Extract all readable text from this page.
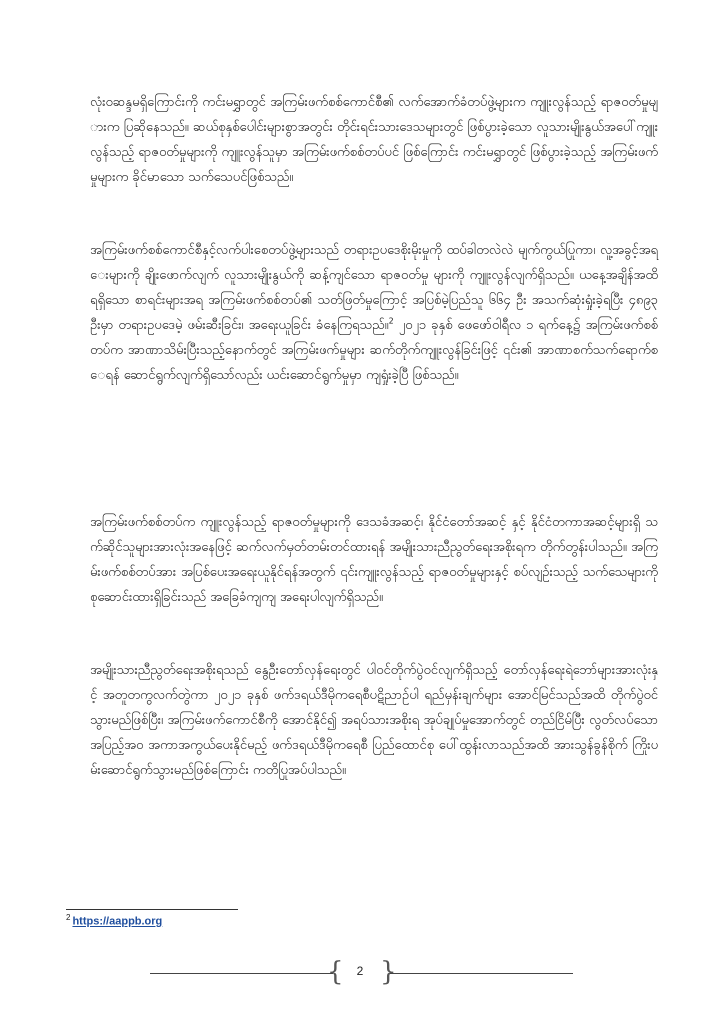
လုံးဝဆန္ဒမရှိကြောင်းကို ကင်းမရွှာတွင် အကြမ်းဖက်စစ်ကောင်စီ၏ လက်အောက်ခံတပ်ဖွဲ့များက ကျူးလွန်သည့် ရာဇဝတ်မှုများက ပြဆိုနေသည်။ ဆယ်စုနှစ်ပေါင်းများစွာအတွင်း တိုင်းရင်းသားဒေသများတွင် ဖြစ်ပွားခဲ့သော လူသားမျိုးနွယ်အပေါ်ကျူးလွန်သည့် ရာဇဝတ်မှုများကို ကျူးလွန်သူမှာ အကြမ်းဖက်စစ်တပ်ပင် ဖြစ်ကြောင်း ကင်းမရွှာတွင် ဖြစ်ပွားခဲ့သည့် အကြမ်းဖက်မှုများက ခိုင်မာသော သက်သေပင်ဖြစ်သည်။

အကြမ်းဖက်စစ်ကောင်စီနှင့်လက်ပါးစေတပ်ဖွဲ့များသည် တရားဥပဒေစိုးမိုးမှုကို ထပ်ခါတလဲလဲ မျက်ကွယ်ပြုကာ၊ လူ့အခွင့်အရေးများကို ချိုးဖောက်လျက် လူသားမျိုးနွယ်ကို ဆန့်ကျင်သော ရာဇဝတ်မှု များကို ကျူးလွန်လျက်ရှိသည်။ ယနေ့အချိန်အထိ ရရှိသော စာရင်းများအရ အကြမ်းဖက်စစ်တပ်၏ သတ်ဖြတ်မှုကြောင့် အပြစ်မဲ့ပြည်သူ ၆၆၄ ဦး အသက်ဆုံးရှုံးခဲ့ရပြီး ၄၈၉၃ ဦးမှာ တရားဥပဒေမဲ့ ဖမ်းဆီးခြင်း၊ အရေးယူခြင်း ခံနေကြရသည်။$^2$ ၂၀၂၁ ခုနှစ် ဖေဖော်ဝါရီလ ၁ ရက်နေ့၌ အကြမ်းဖက်စစ်တပ်က အာဏာသိမ်းပြီးသည့်နောက်တွင် အကြမ်းဖက်မှုများ ဆက်တိုက်ကျူးလွန်ခြင်းဖြင့် ၎င်း၏ အာဏာစက်သက်ရောက်စေရန် ဆောင်ရွက်လျက်ရှိသော်လည်း ယင်းဆောင်ရွက်မှုမှာ ကျရှုံးခဲ့ပြီ ဖြစ်သည်။

အကြမ်းဖက်စစ်တပ်က ကျူးလွန်သည့် ရာဇဝတ်မှုများကို ဒေသခံအဆင့်၊ နိုင်ငံတော်အဆင့် နှင့် နိုင်ငံတကာအဆင့်များရှိ သက်ဆိုင်သူများအားလုံးအနေဖြင့် ဆက်လက်မှတ်တမ်းတင်ထားရန် အမျိုးသားညီညွတ်ရေးအစိုးရက တိုက်တွန်းပါသည်။ အကြမ်းဖက်စစ်တပ်အား အပြစ်ပေးအရေးယူနိုင်ရန်အတွက် ၎င်းကျူးလွန်သည့် ရာဇဝတ်မှုများနှင့် စပ်လျဉ်းသည့် သက်သေများကို စုဆောင်းထားရှိခြင်းသည် အခြေခံကျကျ အရေးပါလျက်ရှိသည်။

အမျိုးသားညီညွတ်ရေးအစိုးရသည် နွေဦးတော်လှန်ရေးတွင် ပါဝင်တိုက်ပွဲဝင်လျက်ရှိသည့် တော်လှန်ရေးရဲဘော်များအားလုံးနှင့် အတူတကွလက်တွဲကာ ၂၀၂၁ ခုနှစ် ဖက်ဒရယ်ဒီမိုကရေစီပဋိညာဉ်ပါ ရည်မှန်းချက်များ အောင်မြင်သည်အထိ တိုက်ပွဲဝင်သွားမည်ဖြစ်ပြီး၊ အကြမ်းဖက်ကောင်စီကို အောင်နိုင်၍ အရပ်သားအစိုးရ အုပ်ချုပ်မှုအောက်တွင် တည်ငြိမ်ပြီး လွတ်လပ်သော အပြည့်အဝ အကာအကွယ်ပေးနိုင်မည့် ဖက်ဒရယ်ဒီမိုကရေစီ ပြည်ထောင်စု ပေါ်ထွန်းလာသည်အထိ အားသွန်ခွန်စိုက် ကြိုးပမ်းဆောင်ရွက်သွားမည်ဖြစ်ကြောင်း ကတိပြုအပ်ပါသည်။

$^2$ https://aappb.org
{	2 }
